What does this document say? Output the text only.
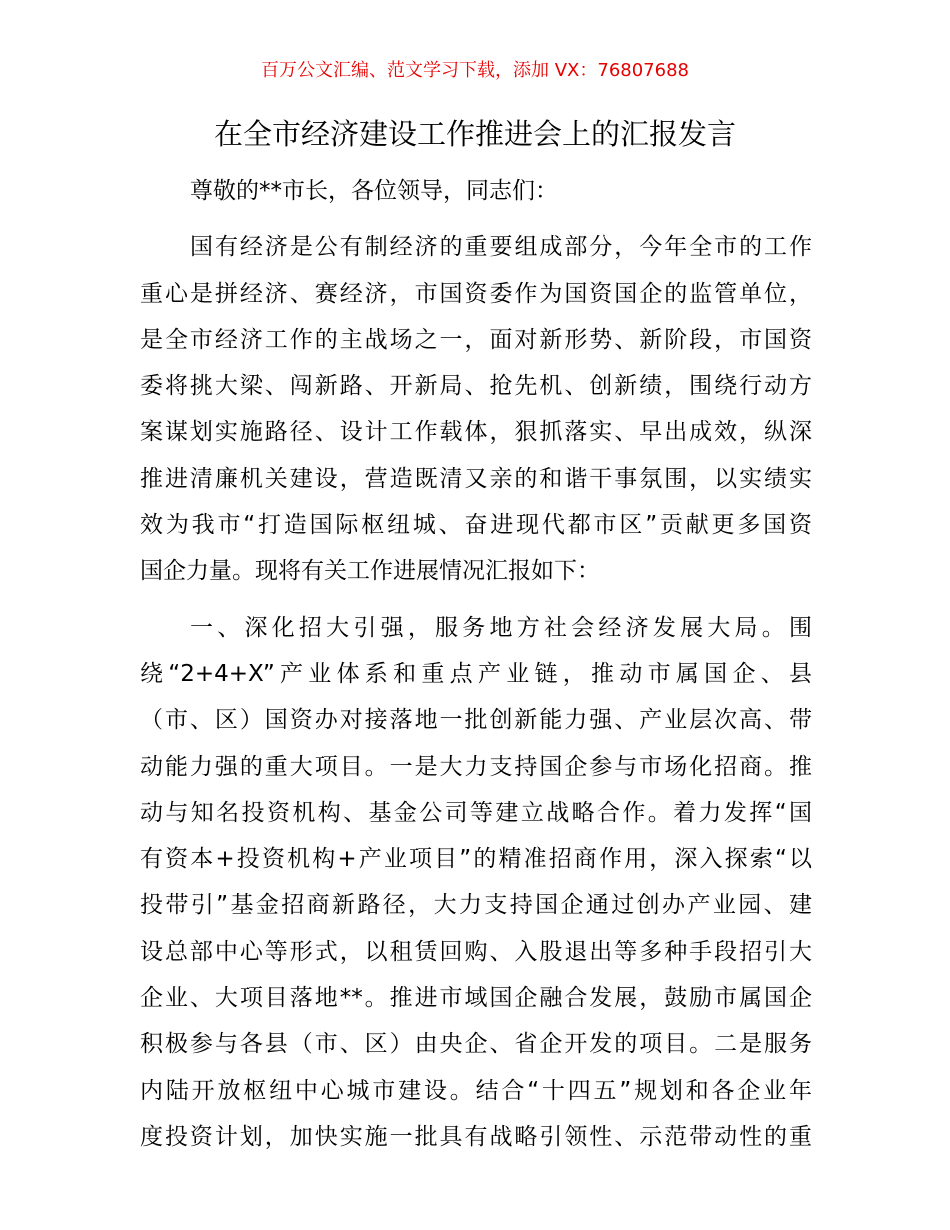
百万公文汇编、范文学习下载，添加 VX：76807688
在全市经济建设工作推进会上的汇报发言
尊敬的**市长，各位领导，同志们：
国有经济是公有制经济的重要组成部分，今年全市的工作
重心是拼经济、赛经济，市国资委作为国资国企的监管单位，
是全市经济工作的主战场之一，面对新形势、新阶段，市国资
委将挑大梁、闯新路、开新局、抢先机、创新绩，围绕行动方
案谋划实施路径、设计工作载体，狠抓落实、早出成效，纵深
推进清廉机关建设，营造既清又亲的和谐干事氛围，以实绩实
效为我市“打造国际枢纽城、奋进现代都市区”贡献更多国资
国企力量。现将有关工作进展情况汇报如下：
一、深化招大引强，服务地方社会经济发展大局。围
绕“2+4+X”产业体系和重点产业链，推动市属国企、县
（市、区）国资办对接落地一批创新能力强、产业层次高、带
动能力强的重大项目。一是大力支持国企参与市场化招商。推
动与知名投资机构、基金公司等建立战略合作。着力发挥“国
有资本+投资机构+产业项目”的精准招商作用，深入探索“以
投带引”基金招商新路径，大力支持国企通过创办产业园、建
设总部中心等形式，以租赁回购、入股退出等多种手段招引大
企业、大项目落地**。推进市域国企融合发展，鼓励市属国企
积极参与各县（市、区）由央企、省企开发的项目。二是服务
内陆开放枢纽中心城市建设。结合“十四五”规划和各企业年
度投资计划，加快实施一批具有战略引领性、示范带动性的重
